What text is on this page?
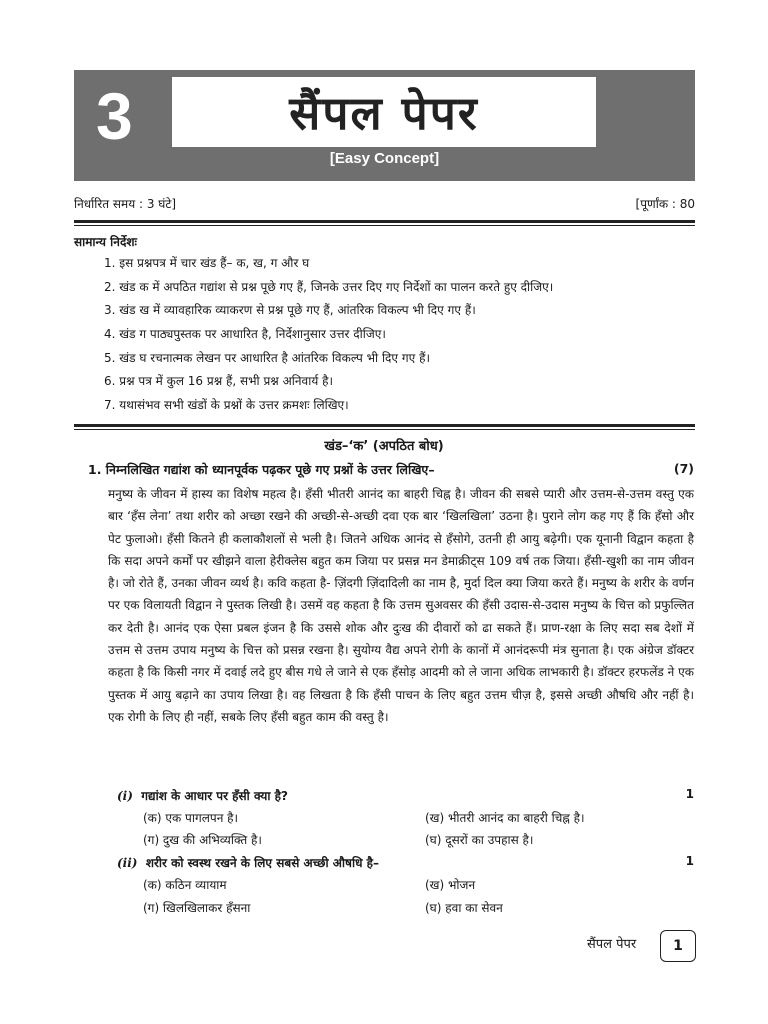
3	सैंपल पेपर
[Easy Concept]
निर्धारित समय : 3 घंटे]	[पूर्णांक : 80
सामान्य निर्देशः
1. इस प्रश्नपत्र में चार खंड हैं– क, ख, ग और घ
2. खंड क में अपठित गद्यांश से प्रश्न पूछे गए हैं, जिनके उत्तर दिए गए निर्देशों का पालन करते हुए दीजिए।
3. खंड ख में व्यावहारिक व्याकरण से प्रश्न पूछे गए हैं, आंतरिक विकल्प भी दिए गए हैं।
4. खंड ग पाठ्यपुस्तक पर आधारित है, निर्देशानुसार उत्तर दीजिए।
5. खंड घ रचनात्मक लेखन पर आधारित है आंतरिक विकल्प भी दिए गए हैं।
6. प्रश्न पत्र में कुल 16 प्रश्न हैं, सभी प्रश्न अनिवार्य है।
7. यथासंभव सभी खंडों के प्रश्नों के उत्तर क्रमशः लिखिए।
खंड–‘क’ (अपठित बोध)
1. निम्नलिखित गद्यांश को ध्यानपूर्वक पढ़कर पूछे गए प्रश्नों के उत्तर लिखिए–	(7)

मनुष्य के जीवन में हास्य का विशेष महत्व है। हँसी भीतरी आनंद का बाहरी चिह्न है। जीवन की सबसे प्यारी और उत्तम-से-उत्तम वस्तु एक बार ‘हँस लेना’ तथा शरीर को अच्छा रखने की अच्छी-से-अच्छी दवा एक बार ‘खिलखिला’ उठना है। पुराने लोग कह गए हैं कि हँसो और पेट फुलाओ। हँसी कितने ही कलाकौशलों से भली है। जितने अधिक आनंद से हँसोगे, उतनी ही आयु बढ़ेगी। एक यूनानी विद्वान कहता है कि सदा अपने कर्मों पर खीझने वाला हेरीक्लेस बहुत कम जिया पर प्रसन्न मन डेमाक्रीट्स 109 वर्ष तक जिया। हँसी-खुशी का नाम जीवन है। जो रोते हैं, उनका जीवन व्यर्थ है। कवि कहता है- ज़िंदगी ज़िंदादिली का नाम है, मुर्दा दिल क्या जिया करते हैं। मनुष्य के शरीर के वर्णन पर एक विलायती विद्वान ने पुस्तक लिखी है। उसमें वह कहता है कि उत्तम सुअवसर की हँसी उदास-से-उदास मनुष्य के चित्त को प्रफुल्लित कर देती है। आनंद एक ऐसा प्रबल इंजन है कि उससे शोक और दुःख की दीवारों को ढा सकते हैं। प्राण-रक्षा के लिए सदा सब देशों में उत्तम से उत्तम उपाय मनुष्य के चित्त को प्रसन्न रखना है। सुयोग्य वैद्य अपने रोगी के कानों में आनंदरूपी मंत्र सुनाता है। एक अंग्रेज डॉक्टर कहता है कि किसी नगर में दवाई लदे हुए बीस गधे ले जाने से एक हँसोड़ आदमी को ले जाना अधिक लाभकारी है। डॉक्टर हरफलेंड ने एक पुस्तक में आयु बढ़ाने का उपाय लिखा है। वह लिखता है कि हँसी पाचन के लिए बहुत उत्तम चीज़ है, इससे अच्छी औषधि और नहीं है। एक रोगी के लिए ही नहीं, सबके लिए हँसी बहुत काम की वस्तु है।

(i) गद्यांश के आधार पर हँसी क्या है?	1
(क) एक पागलपन है।	(ख) भीतरी आनंद का बाहरी चिह्न है।
(ग) दुख की अभिव्यक्ति है।	(घ) दूसरों का उपहास है।
(ii) शरीर को स्वस्थ रखने के लिए सबसे अच्छी औषधि है–	1
(क) कठिन व्यायाम	(ख) भोजन
(ग) खिलखिलाकर हँसना	(घ) हवा का सेवन
सैंपल पेपर	1
